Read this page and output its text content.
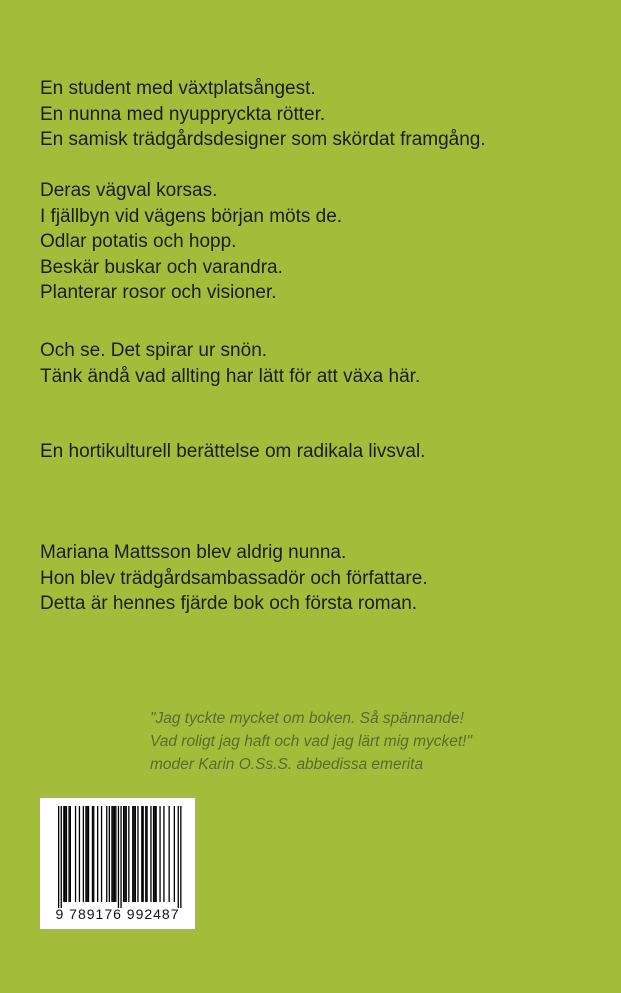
En student med växtplatsångest.
En nunna med nyuppryckta rötter.
En samisk trädgårdsdesigner som skördat framgång.

Deras vägval korsas.
I fjällbyn vid vägens början möts de.
Odlar potatis och hopp.
Beskär buskar och varandra.
Planterar rosor och visioner.

Och se. Det spirar ur snön.
Tänk ändå vad allting har lätt för att växa här.

En hortikulturell berättelse om radikala livsval.

Mariana Mattsson blev aldrig nunna.
Hon blev trädgårdsambassadör och författare.
Detta är hennes fjärde bok och första roman.

"Jag tyckte mycket om boken. Så spännande!
Vad roligt jag haft och vad jag lärt mig mycket!"
moder Karin O.Ss.S. abbedissa emerita

9 789176 992487
